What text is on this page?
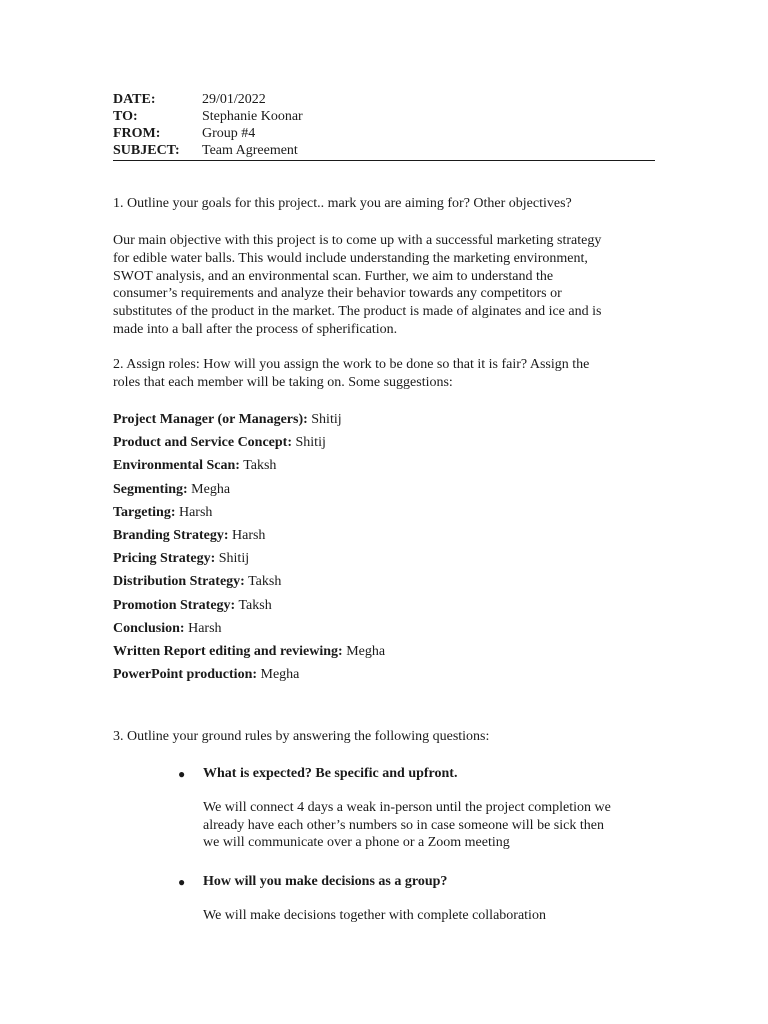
DATE:	29/01/2022
TO:	Stephanie Koonar
FROM:	Group #4
SUBJECT:	Team Agreement
1. Outline your goals for this project.. mark you are aiming for? Other objectives?
Our main objective with this project is to come up with a successful marketing strategy
for edible water balls. This would include understanding the marketing environment,
SWOT analysis, and an environmental scan. Further, we aim to understand the
consumer’s requirements and analyze their behavior towards any competitors or
substitutes of the product in the market. The product is made of alginates and ice and is
made into a ball after the process of spherification.
2. Assign roles: How will you assign the work to be done so that it is fair? Assign the
roles that each member will be taking on. Some suggestions:
Project Manager (or Managers): Shitij
Product and Service Concept: Shitij
Environmental Scan: Taksh
Segmenting: Megha
Targeting: Harsh
Branding Strategy: Harsh
Pricing Strategy: Shitij
Distribution Strategy: Taksh
Promotion Strategy: Taksh
Conclusion: Harsh
Written Report editing and reviewing: Megha
PowerPoint production: Megha
3. Outline your ground rules by answering the following questions:
● What is expected? Be specific and upfront.
We will connect 4 days a weak in-person until the project completion we
already have each other’s numbers so in case someone will be sick then
we will communicate over a phone or a Zoom meeting
● How will you make decisions as a group?
We will make decisions together with complete collaboration
